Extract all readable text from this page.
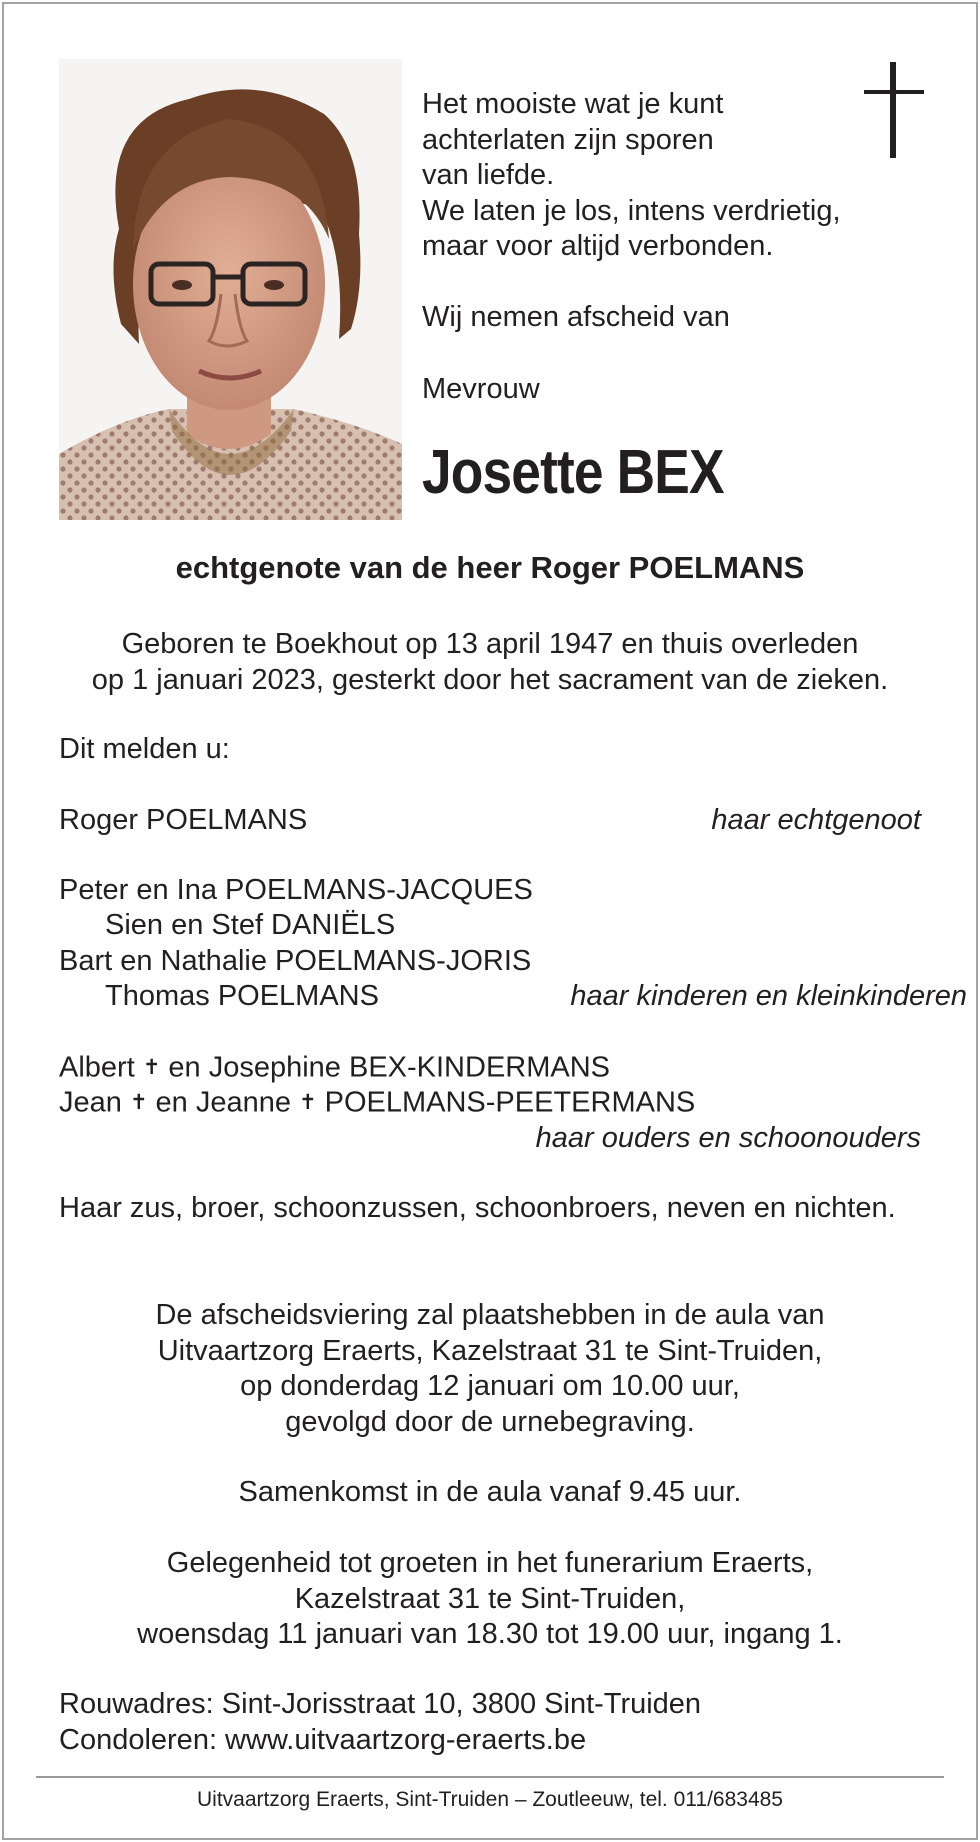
Het mooiste wat je kunt
achterlaten zijn sporen
van liefde.
We laten je los, intens verdrietig,
maar voor altijd verbonden.
Wij nemen afscheid van
Mevrouw
Josette BEX
echtgenote van de heer Roger POELMANS
Geboren te Boekhout op 13 april 1947 en thuis overleden
op 1 januari 2023, gesterkt door het sacrament van de zieken.
Dit melden u:
Roger POELMANS	haar echtgenoot
Peter en Ina POELMANS-JACQUES
Sien en Stef DANIËLS
Bart en Nathalie POELMANS-JORIS
Thomas POELMANS	haar kinderen en kleinkinderen
Albert ✝ en Josephine BEX-KINDERMANS
Jean ✝ en Jeanne ✝ POELMANS-PEETERMANS
haar ouders en schoonouders
Haar zus, broer, schoonzussen, schoonbroers, neven en nichten.
De afscheidsviering zal plaatshebben in de aula van
Uitvaartzorg Eraerts, Kazelstraat 31 te Sint-Truiden,
op donderdag 12 januari om 10.00 uur,
gevolgd door de urnebegraving.
Samenkomst in de aula vanaf 9.45 uur.
Gelegenheid tot groeten in het funerarium Eraerts,
Kazelstraat 31 te Sint-Truiden,
woensdag 11 januari van 18.30 tot 19.00 uur, ingang 1.
Rouwadres: Sint-Jorisstraat 10, 3800 Sint-Truiden
Condoleren: www.uitvaartzorg-eraerts.be
Uitvaartzorg Eraerts, Sint-Truiden – Zoutleeuw, tel. 011/683485
